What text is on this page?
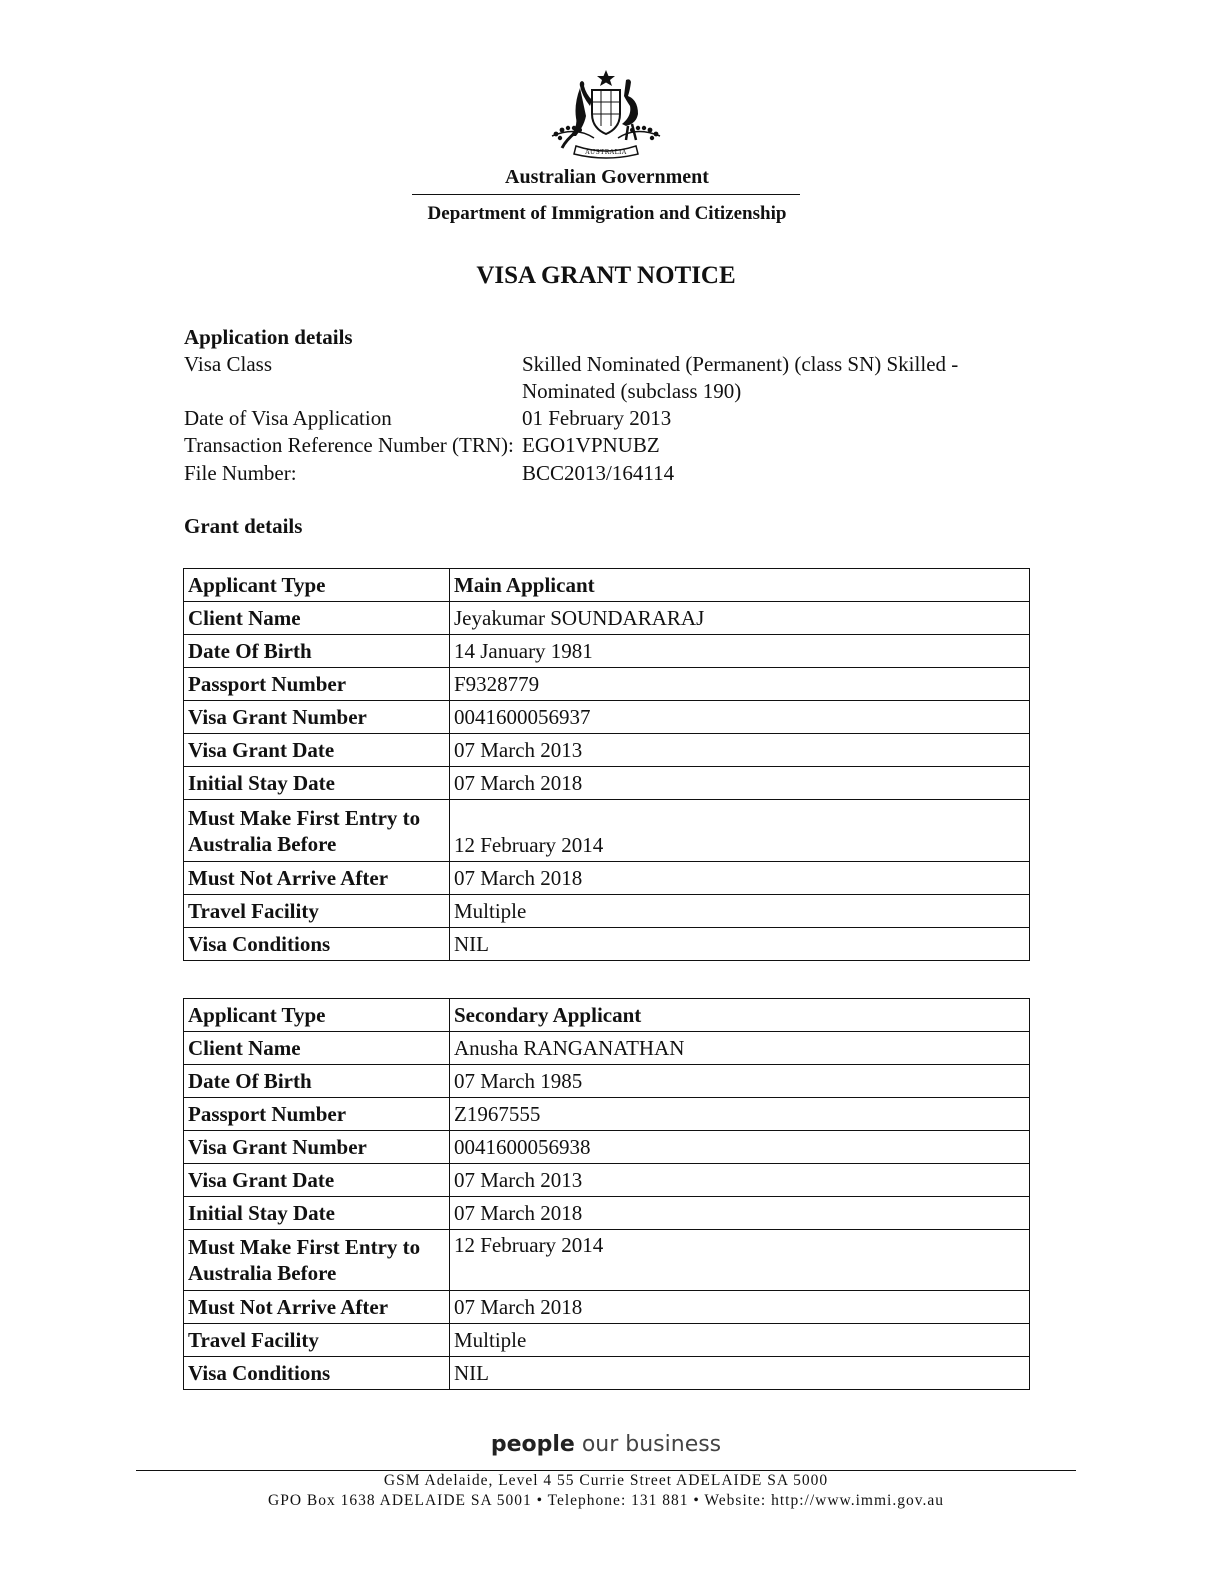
AUSTRALIA
Australian Government
Department of Immigration and Citizenship
VISA GRANT NOTICE
Application details
Visa Class	Skilled Nominated (Permanent) (class SN) Skilled - Nominated (subclass 190)
Date of Visa Application	01 February 2013
Transaction Reference Number (TRN): EGO1VPNUBZ
File Number:	BCC2013/164114
Grant details
Applicant Type	Main Applicant
Client Name	Jeyakumar SOUNDARARAJ
Date Of Birth	14 January 1981
Passport Number	F9328779
Visa Grant Number	0041600056937
Visa Grant Date	07 March 2013
Initial Stay Date	07 March 2018
Must Make First Entry to Australia Before	12 February 2014
Must Not Arrive After	07 March 2018
Travel Facility	Multiple
Visa Conditions	NIL
Applicant Type	Secondary Applicant
Client Name	Anusha RANGANATHAN
Date Of Birth	07 March 1985
Passport Number	Z1967555
Visa Grant Number	0041600056938
Visa Grant Date	07 March 2013
Initial Stay Date	07 March 2018
Must Make First Entry to Australia Before	12 February 2014
Must Not Arrive After	07 March 2018
Travel Facility	Multiple
Visa Conditions	NIL
people our business
GSM Adelaide, Level 4 55 Currie Street ADELAIDE SA 5000
GPO Box 1638 ADELAIDE SA 5001 • Telephone: 131 881 • Website: http://www.immi.gov.au
